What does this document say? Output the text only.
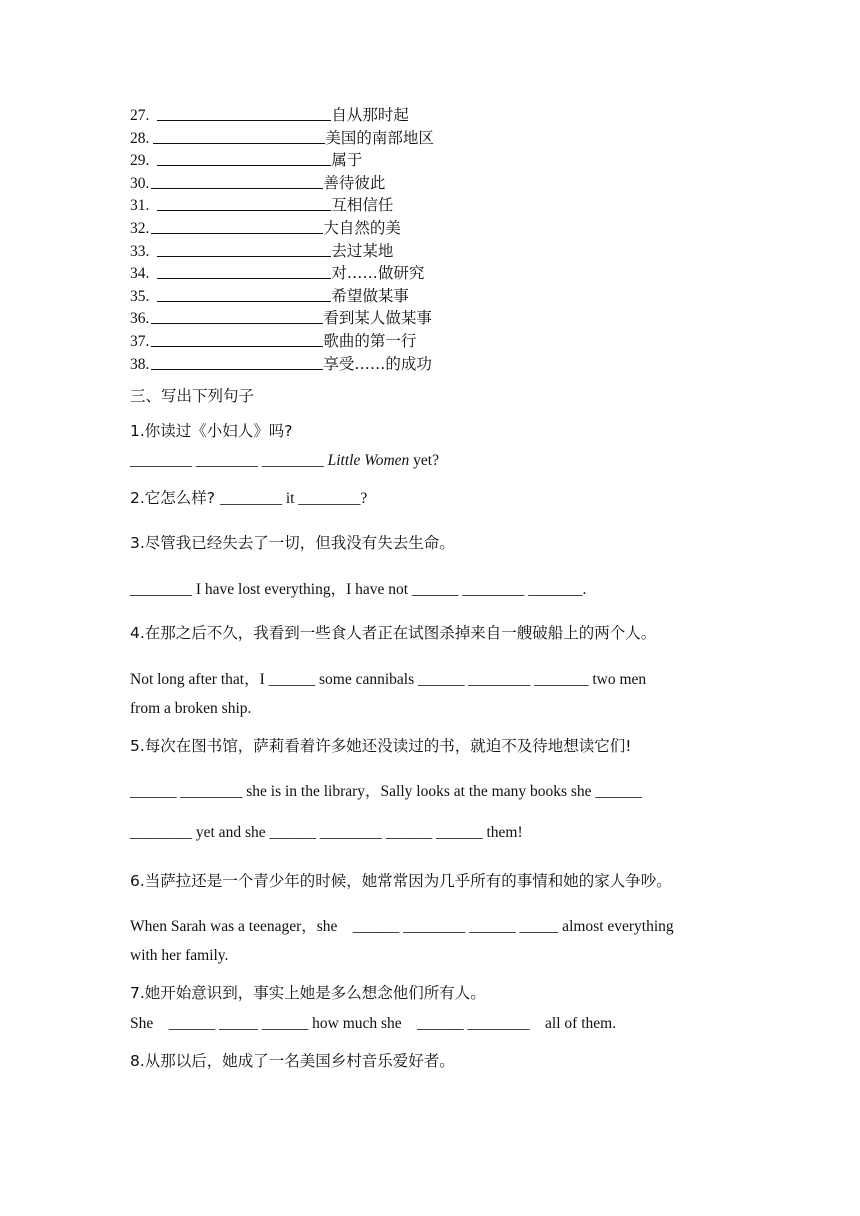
27.	自从那时起
28.	美国的南部地区
29.	属于
30.	善待彼此
31.	互相信任
32.	大自然的美
33.	去过某地
34.	对……做研究
35.	希望做某事
36.	看到某人做某事
37.	歌曲的第一行
38.	享受……的成功
三、写出下列句子
1.你读过《小妇人》吗?
________ ________ ________ Little Women yet?
2.它怎么样? ________ it ________?
3.尽管我已经失去了一切，但我没有失去生命。
________ I have lost everything，I have not ______ ________ _______.
4.在那之后不久，我看到一些食人者正在试图杀掉来自一艘破船上的两个人。
Not long after that，I ______ some cannibals ______ ________ _______ two men
from a broken ship.
5.每次在图书馆，萨莉看着许多她还没读过的书，就迫不及待地想读它们!
______ ________ she is in the library，Sally looks at the many books she ______
________ yet and she ______ ________ ______ ______ them!
6.当萨拉还是一个青少年的时候，她常常因为几乎所有的事情和她的家人争吵。
When Sarah was a teenager，she    ______ ________ ______ _____ almost everything
with her family.
7.她开始意识到，事实上她是多么想念他们所有人。
She    ______ _____ ______ how much she    ______ ________    all of them.
8.从那以后，她成了一名美国乡村音乐爱好者。
